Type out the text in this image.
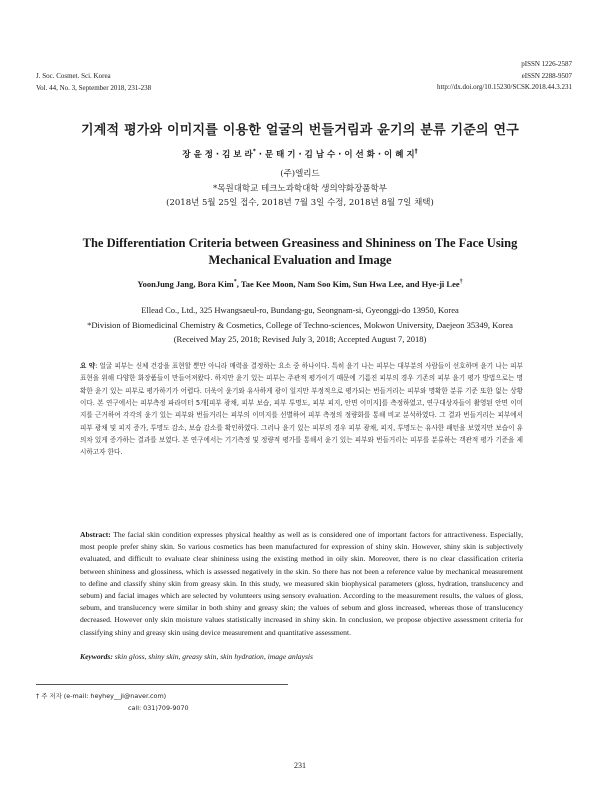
J. Soc. Cosmet. Sci. Korea
Vol. 44, No. 3, September 2018, 231-238
pISSN 1226-2587
eISSN 2288-9507
http://dx.doi.org/10.15230/SCSK.2018.44.3.231
기계적 평가와 이미지를 이용한 얼굴의 번들거림과 윤기의 분류 기준의 연구
장 윤 정 · 김 보 라* · 문 태 기 · 김 남 수 · 이 선 화 · 이 혜 지†
(주)엘리드
*목원대학교 테크노과학대학 생의약화장품학부
(2018년 5월 25일 접수, 2018년 7월 3일 수정, 2018년 8월 7일 채택)
The Differentiation Criteria between Greasiness and Shininess on The Face Using
Mechanical Evaluation and Image
YoonJung Jang, Bora Kim*, Tae Kee Moon, Nam Soo Kim, Sun Hwa Lee, and Hye-ji Lee†
Ellead Co., Ltd., 325 Hwangsaeul-ro, Bundang-gu, Seongnam-si, Gyeonggi-do 13950, Korea
*Division of Biomedicinal Chemistry & Cosmetics, College of Techno-sciences, Mokwon University, Daejeon 35349, Korea
(Received May 25, 2018; Revised July 3, 2018; Accepted August 7, 2018)
요 약: 얼굴 피부는 신체 건강을 표현할 뿐만 아니라 매력을 결정하는 요소 중 하나이다. 특히 윤기 나는 피부는 대부분의 사람들이 선호하며 윤기 나는 피부 표현을 위해 다양한 화장품들이 만들어져왔다. 하지만 윤기 있는 피부는 주관적 평가이기 때문에 기름진 피부의 경우 기존의 피부 윤기 평가 방법으로는 명확한 윤기 있는 피부로 평가하기가 어렵다. 더욱이 윤기와 유사하게 광이 일지만 부정적으로 평가되는 번들거리는 피부와 명확한 분류 기준 또한 없는 상황이다. 본 연구에서는 피부측정 파라미터 5개[피부 광채, 피부 보습, 피부 투명도, 피부 피지, 안면 이미지]를 측정하였고, 연구대상자들이 촬영된 안면 이미지를 근거하여 각각의 윤기 있는 피부와 번들거리는 피부의 이미지를 선별하여 피부 측정의 정량화를 통해 비교 분석하였다. 그 결과 번들거리는 피부에서 피부 광채 및 피지 증가, 투명도 감소, 보습 감소를 확인하였다. 그러나 윤기 있는 피부의 경우 피부 광채, 피지, 투명도는 유사한 패턴을 보였지만 보습이 유의차 있게 증가하는 결과를 보였다. 본 연구에서는 기기측정 및 정량적 평가를 통해서 윤기 있는 피부와 번들거리는 피부를 분류하는 객관적 평가 기준을 제시하고자 한다.
Abstract: The facial skin condition expresses physical healthy as well as is considered one of important factors for attractiveness. Especially, most people prefer shiny skin. So various cosmetics has been manufactured for expression of shiny skin. However, shiny skin is subjectively evaluated, and difficult to evaluate clear shininess using the existing method in oily skin. Moreover, there is no clear classification criteria between shininess and glossiness, which is assessed negatively in the skin. So there has not been a reference value by mechanical measurement to define and classify shiny skin from greasy skin. In this study, we measured skin biophysical parameters (gloss, hydration, translucency and sebum) and facial images which are selected by volunteers using sensory evaluation. According to the measurement results, the values of gloss, sebum, and translucency were similar in both shiny and greasy skin; the values of sebum and gloss increased, whereas those of translucency decreased. However only skin moisture values statistically increased in shiny skin. In conclusion, we propose objective assessment criteria for classifying shiny and greasy skin using device measurement and quantitative assessment.
Keywords: skin gloss, shiny skin, greasy skin, skin hydration, image anlaysis
† 주 저자 (e-mail: heyhey__ji@naver.com)
call: 031)709-9070
231
